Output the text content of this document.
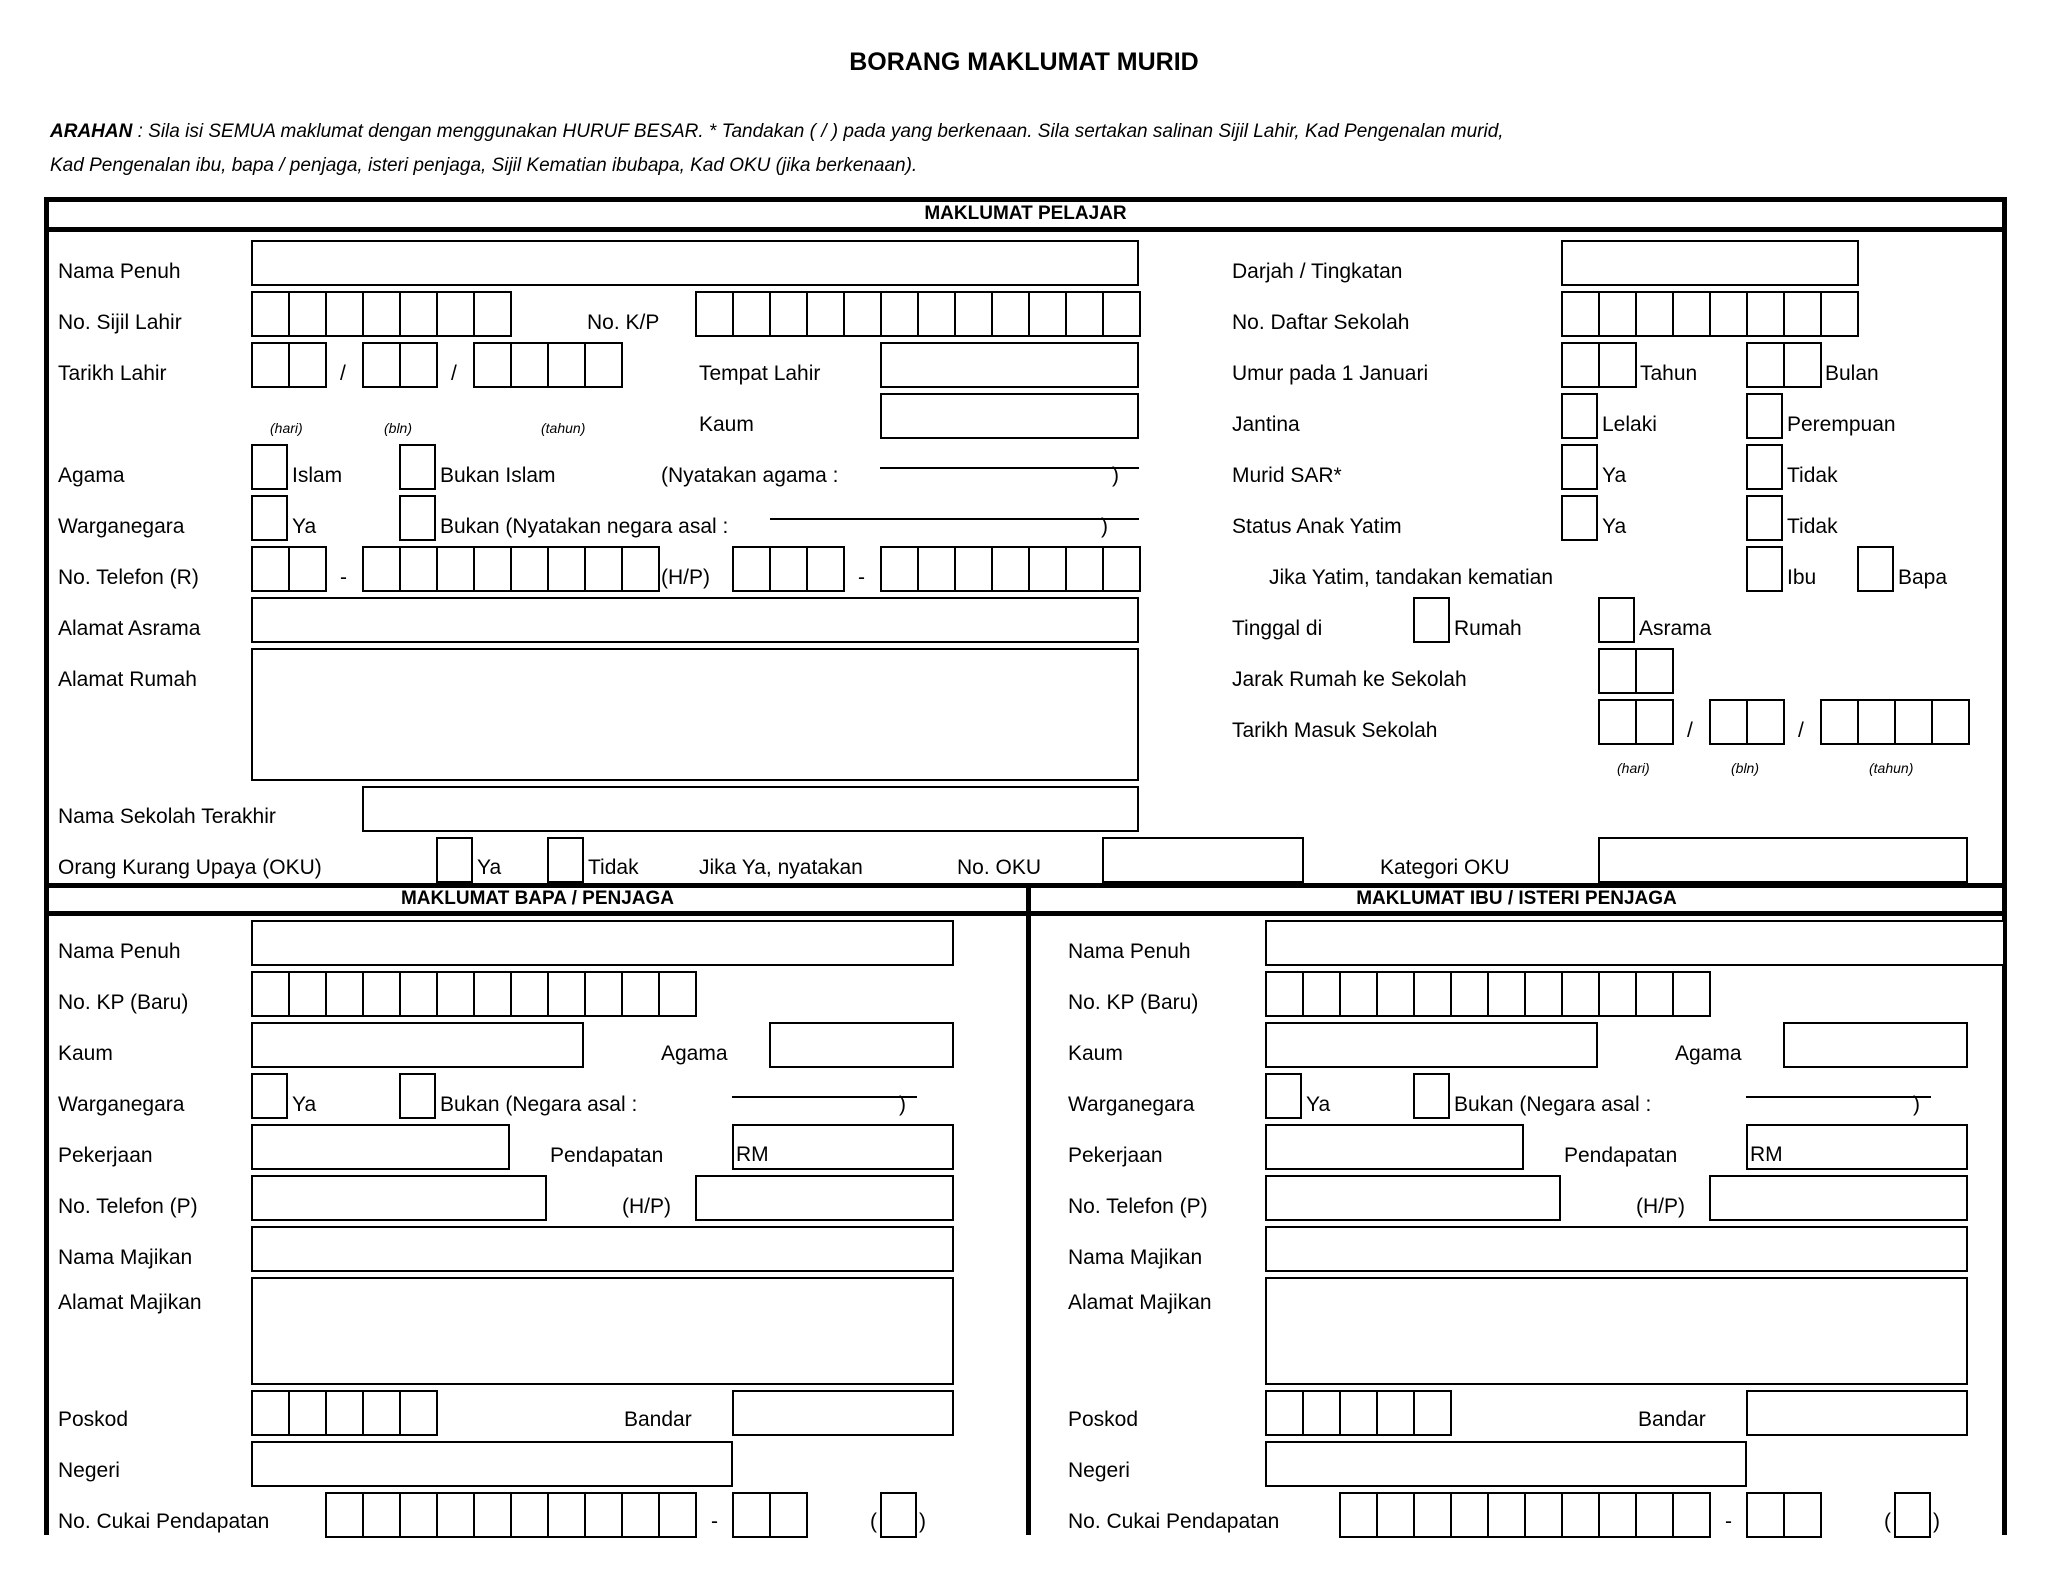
BORANG MAKLUMAT MURID
ARAHAN : Sila isi SEMUA maklumat dengan menggunakan HURUF BESAR. * Tandakan ( / ) pada yang berkenaan. Sila sertakan salinan Sijil Lahir, Kad Pengenalan murid,
Kad Pengenalan ibu, bapa / penjaga, isteri penjaga, Sijil Kematian ibubapa, Kad OKU (jika berkenaan).
MAKLUMAT PELAJAR
MAKLUMAT BAPA / PENJAGA	MAKLUMAT IBU / ISTERI PENJAGA
Nama Penuh
No. Sijil Lahir	No. K/P
Tarikh Lahir	/	/	Tempat Lahir
(hari)	(bln)	(tahun)	Kaum
Agama	Islam	Bukan Islam	(Nyatakan agama :	)
Warganegara	Ya	Bukan (Nyatakan negara asal :	)
No. Telefon (R)	-	(H/P)	-
Alamat Asrama
Alamat Rumah
Nama Sekolah Terakhir
Orang Kurang Upaya (OKU)	Ya	Tidak	Jika Ya, nyatakan	No. OKU	Kategori OKU
Darjah / Tingkatan
No. Daftar Sekolah
Umur pada 1 Januari	Tahun	Bulan
Jantina	Lelaki	Perempuan
Murid SAR*	Ya	Tidak
Status Anak Yatim	Ya	Tidak
Jika Yatim, tandakan kematian	Ibu	Bapa
Tinggal di	Rumah	Asrama
Jarak Rumah ke Sekolah
Tarikh Masuk Sekolah	/	/
(hari)	(bln)	(tahun)
Nama Penuh
No. KP (Baru)
Kaum	Agama
Warganegara	Ya	Bukan (Negara asal :	)
Pekerjaan	Pendapatan	RM
No. Telefon (P)	(H/P)
Nama Majikan
Alamat Majikan
Poskod	Bandar
Negeri
No. Cukai Pendapatan	-	( )
Nama Penuh
No. KP (Baru)
Kaum	Agama
Warganegara	Ya	Bukan (Negara asal :	)
Pekerjaan	Pendapatan	RM
No. Telefon (P)	(H/P)
Nama Majikan
Alamat Majikan
Poskod	Bandar
Negeri
No. Cukai Pendapatan	-	( )
